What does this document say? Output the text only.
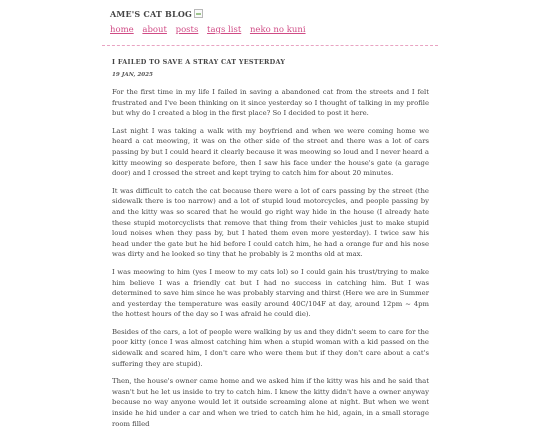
AME'S CAT BLOG
home about posts tags list neko no kuni
I FAILED TO SAVE A STRAY CAT YESTERDAY
19 JAN, 2025

For the first time in my life I failed in saving a abandoned cat from the streets and I felt frustrated and I've been thinking on it since yesterday so I thought of talking in my profile but why do I created a blog in the first place? So I decided to post it here.

Last night I was taking a walk with my boyfriend and when we were coming home we heard a cat meowing, it was on the other side of the street and there was a lot of cars passing by but I could heard it clearly because it was meowing so loud and I never heard a kitty meowing so desperate before, then I saw his face under the house's gate (a garage door) and I crossed the street and kept trying to catch him for about 20 minutes.

It was difficult to catch the cat because there were a lot of cars passing by the street (the sidewalk there is too narrow) and a lot of stupid loud motorcycles, and people passing by and the kitty was so scared that he would go right way hide in the house (I already hate these stupid motorcyclists that remove that thing from their vehicles just to make stupid loud noises when they pass by, but I hated them even more yesterday). I twice saw his head under the gate but he hid before I could catch him, he had a orange fur and his nose was dirty and he looked so tiny that he probably is 2 months old at max.

I was meowing to him (yes I meow to my cats lol) so I could gain his trust/trying to make him believe I was a friendly cat but I had no success in catching him. But I was determined to save him since he was probably starving and thirst (Here we are in Summer and yesterday the temperature was easily around 40C/104F at day, around 12pm ~ 4pm the hottest hours of the day so I was afraid he could die).

Besides of the cars, a lot of people were walking by us and they didn't seem to care for the poor kitty (once I was almost catching him when a stupid woman with a kid passed on the sidewalk and scared him, I don't care who were them but if they don't care about a cat's suffering they are stupid).

Then, the house's owner came home and we asked him if the kitty was his and he said that wasn't but he let us inside to try to catch him. I knew the kitty didn't have a owner anyway because no way anyone would let it outside screaming alone at night. But when we went inside he hid under a car and when we tried to catch him he hid, again, in a small storage room filled
